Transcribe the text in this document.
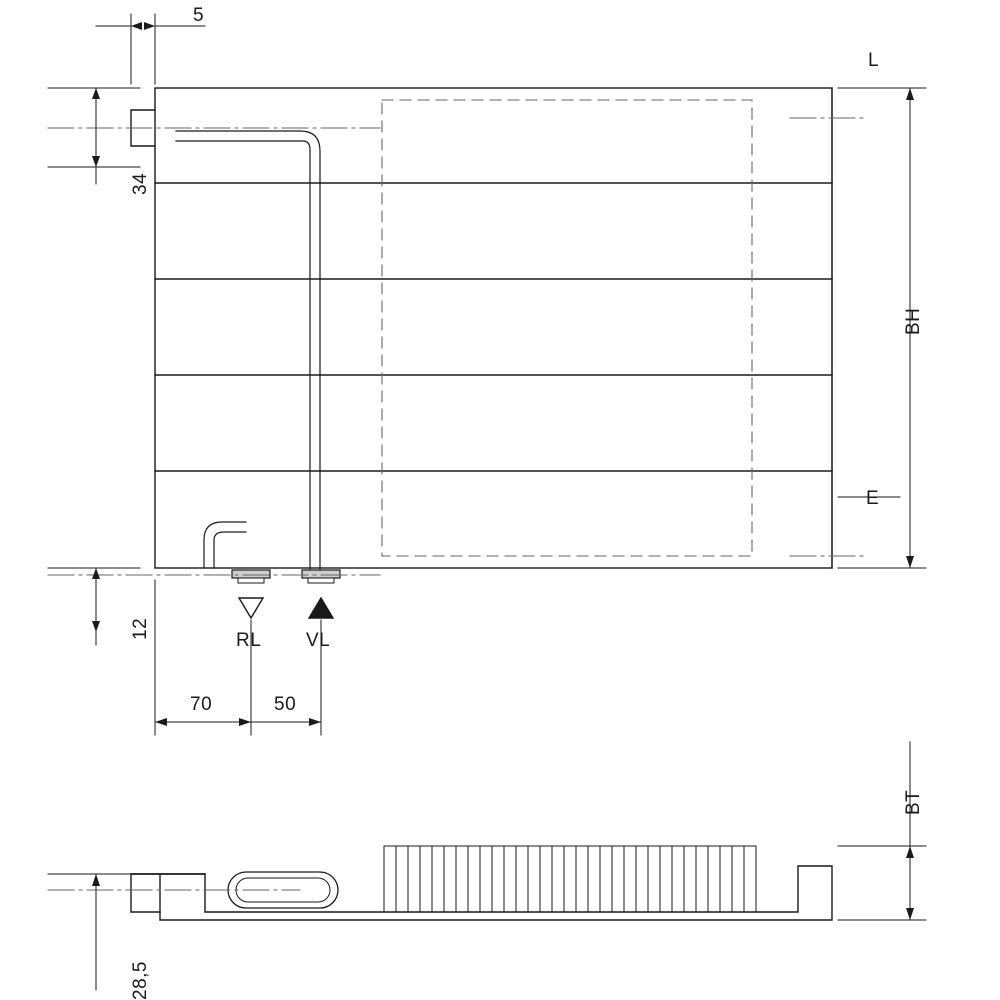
5
34
12
70	50
28,5
L
BH
E
BT
RL VL
